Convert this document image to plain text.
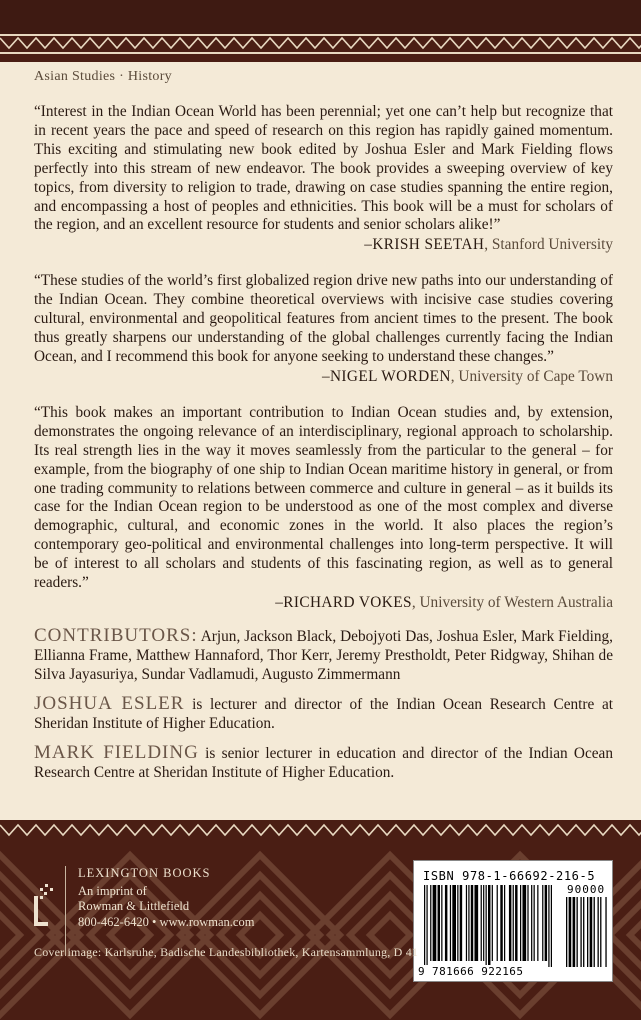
Asian Studies · History

“Interest in the Indian Ocean World has been perennial; yet one can’t help but recognize that in recent years the pace and speed of research on this region has rapidly gained momentum. This exciting and stimulating new book edited by Joshua Esler and Mark Fielding flows perfectly into this stream of new endeavor. The book provides a sweeping overview of key topics, from diversity to religion to trade, drawing on case studies spanning the entire region, and encompassing a host of peoples and ethnicities. This book will be a must for scholars of the region, and an excellent resource for students and senior scholars alike!”

–KRISH SEETAH, Stanford University

“These studies of the world’s first globalized region drive new paths into our understanding of the Indian Ocean. They combine theoretical overviews with incisive case studies covering cultural, environmental and geopolitical features from ancient times to the present. The book thus greatly sharpens our understanding of the global challenges currently facing the Indian Ocean, and I recommend this book for anyone seeking to understand these changes.”

–NIGEL WORDEN, University of Cape Town

“This book makes an important contribution to Indian Ocean studies and, by extension, demonstrates the ongoing relevance of an interdisciplinary, regional approach to scholarship. Its real strength lies in the way it moves seamlessly from the particular to the general – for example, from the biography of one ship to Indian Ocean maritime history in general, or from one trading community to relations between commerce and culture in general – as it builds its case for the Indian Ocean region to be understood as one of the most complex and diverse demographic, cultural, and economic zones in the world. It also places the region’s contemporary geo-political and environmental challenges into long-term perspective. It will be of interest to all scholars and students of this fascinating region, as well as to general readers.”

–RICHARD VOKES, University of Western Australia

CONTRIBUTORS: Arjun, Jackson Black, Debojyoti Das, Joshua Esler, Mark Fielding, Ellianna Frame, Matthew Hannaford, Thor Kerr, Jeremy Prestholdt, Peter Ridgway, Shihan de Silva Jayasuriya, Sundar Vadlamudi, Augusto Zimmermann

JOSHUA ESLER is lecturer and director of the Indian Ocean Research Centre at Sheridan Institute of Higher Education.

MARK FIELDING is senior lecturer in education and director of the Indian Ocean Research Centre at Sheridan Institute of Higher Education.

LEXINGTON BOOKS
An imprint of
Rowman & Littlefield
800-462-6420 • www.rowman.com
ISBN 978-1-66692-216-5
90000
9 781666 922165
Cover image: Karlsruhe, Badische Landesbibliothek, Kartensammlung, D 41
